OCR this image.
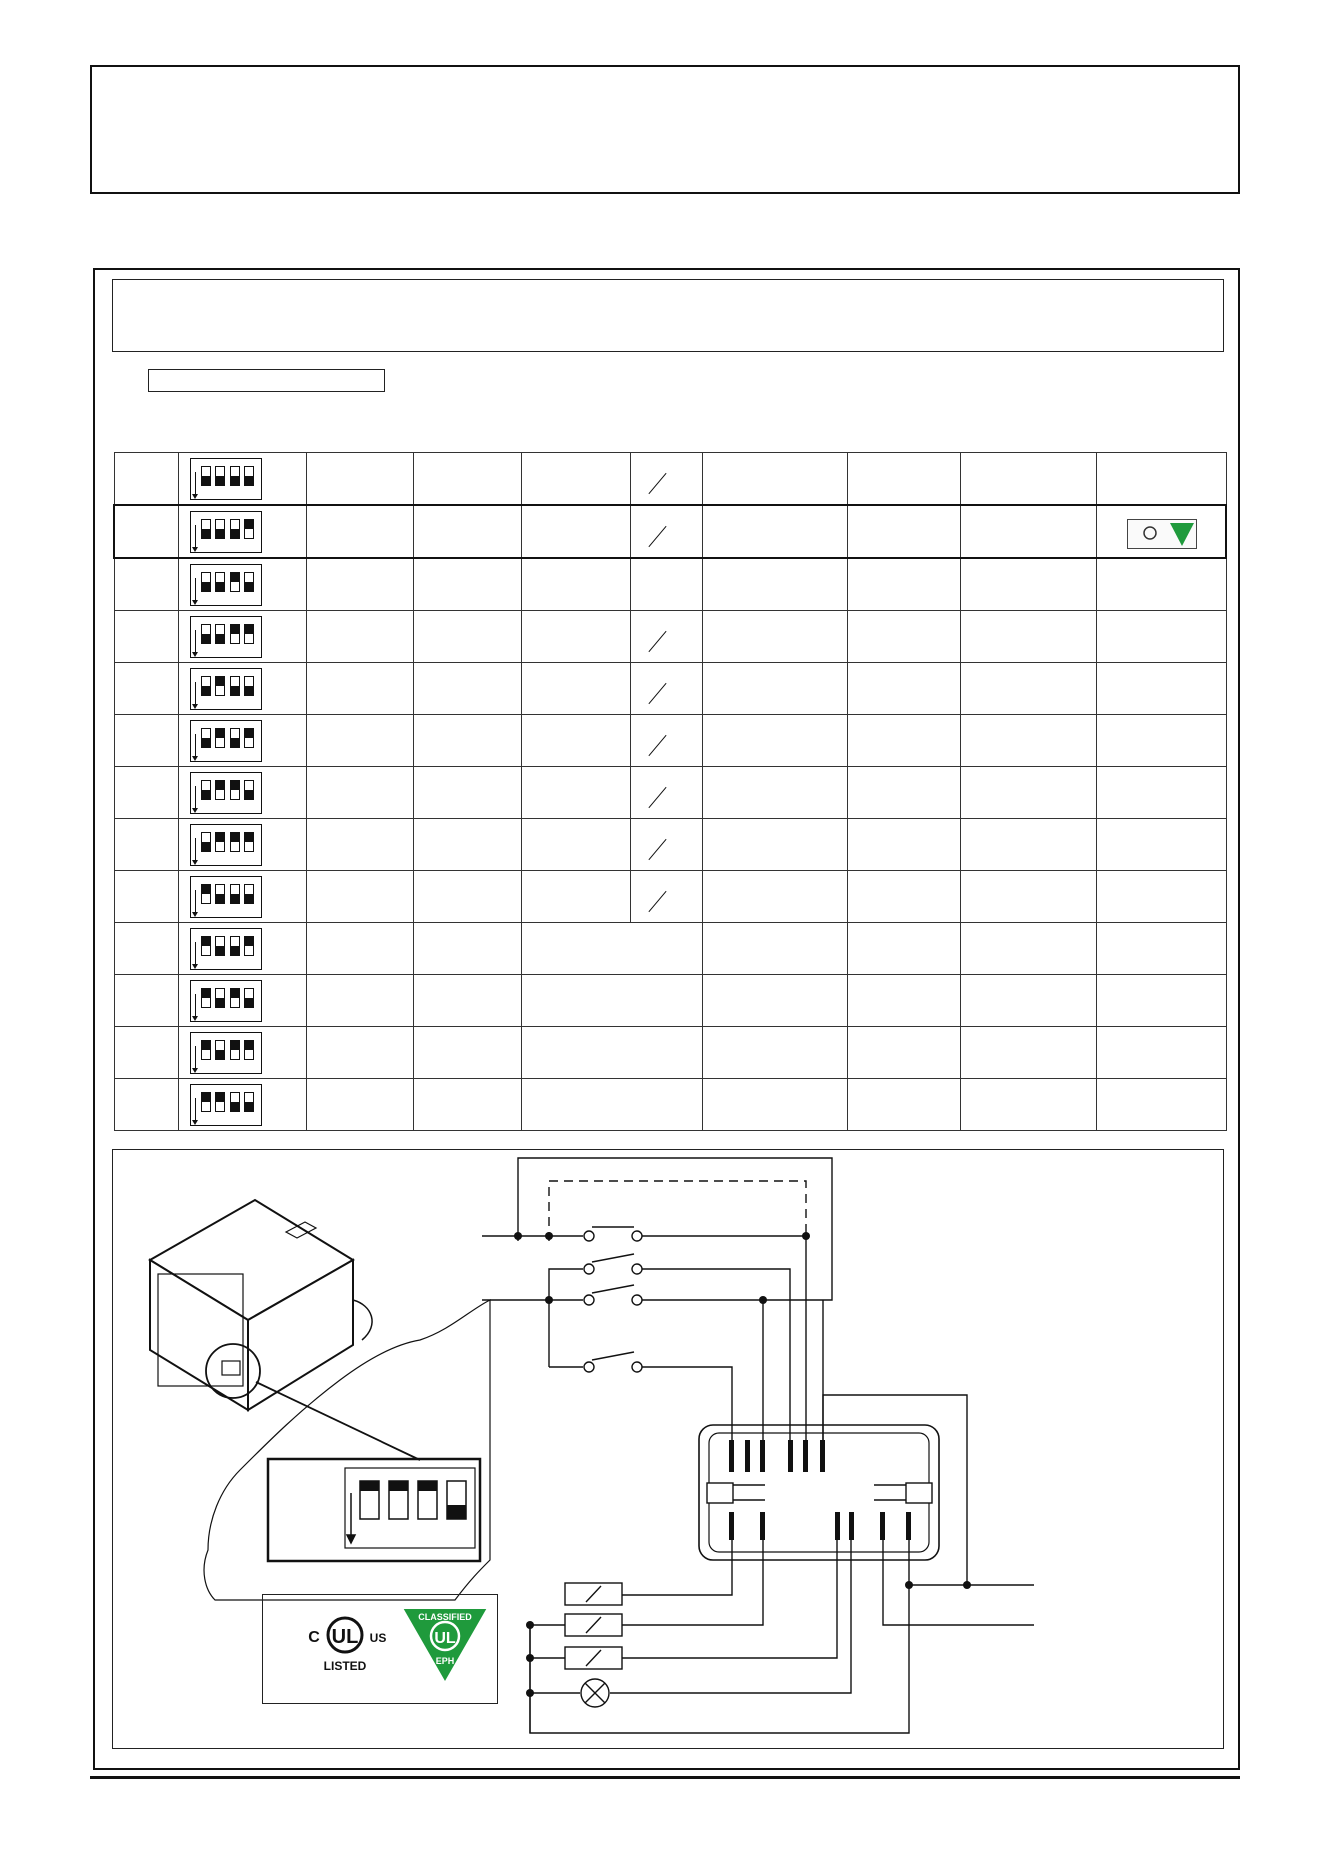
UL
C	US
LISTED
UL
CLASSIFIED
EPH
